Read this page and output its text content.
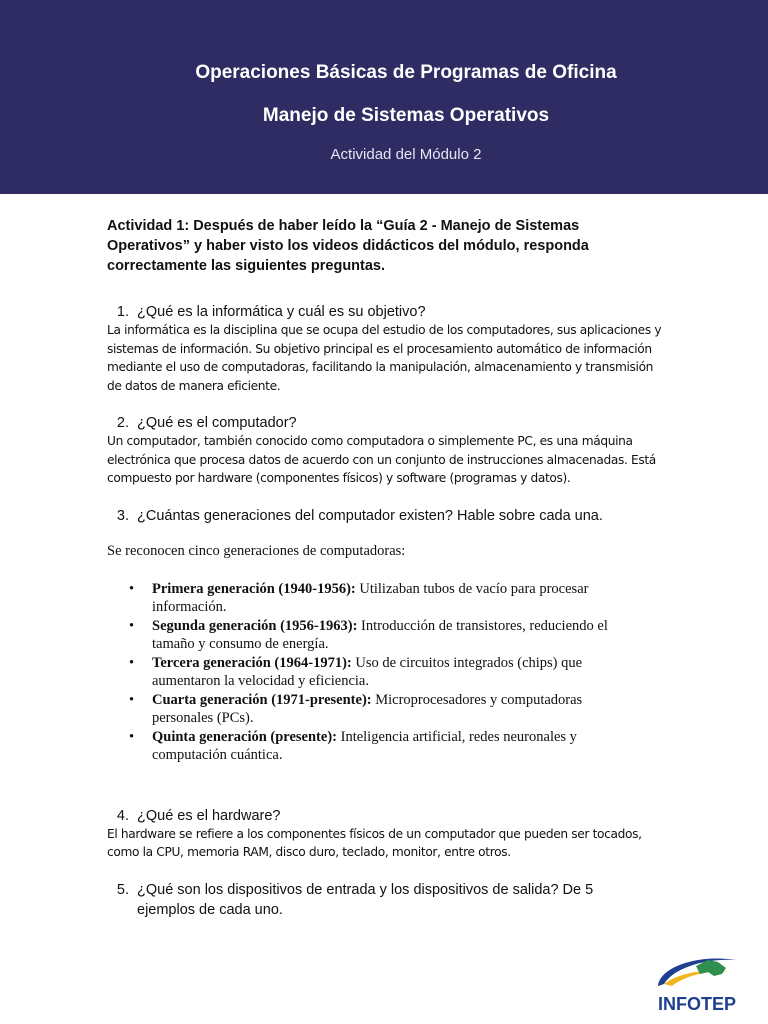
Operaciones Básicas de Programas de Oficina
Manejo de Sistemas Operativos
Actividad del Módulo 2

Actividad 1: Después de haber leído la “Guía 2 - Manejo de Sistemas Operativos” y haber visto los videos didácticos del módulo, responda correctamente las siguientes preguntas.

1. ¿Qué es la informática y cuál es su objetivo?

La informática es la disciplina que se ocupa del estudio de los computadores, sus aplicaciones y sistemas de información. Su objetivo principal es el procesamiento automático de información mediante el uso de computadoras, facilitando la manipulación, almacenamiento y transmisión de datos de manera eficiente.

2. ¿Qué es el computador?

Un computador, también conocido como computadora o simplemente PC, es una máquina electrónica que procesa datos de acuerdo con un conjunto de instrucciones almacenadas. Está compuesto por hardware (componentes físicos) y software (programas y datos).

3. ¿Cuántas generaciones del computador existen? Hable sobre cada una.

Se reconocen cinco generaciones de computadoras:

• Primera generación (1940-1956): Utilizaban tubos de vacío para procesar información.
• Segunda generación (1956-1963): Introducción de transistores, reduciendo el tamaño y consumo de energía.
• Tercera generación (1964-1971): Uso de circuitos integrados (chips) que aumentaron la velocidad y eficiencia.
• Cuarta generación (1971-presente): Microprocesadores y computadoras personales (PCs).
• Quinta generación (presente): Inteligencia artificial, redes neuronales y computación cuántica.
4. ¿Qué es el hardware?

El hardware se refiere a los componentes físicos de un computador que pueden ser tocados, como la CPU, memoria RAM, disco duro, teclado, monitor, entre otros.

5. ¿Qué son los dispositivos de entrada y los dispositivos de salida? De 5 ejemplos de cada uno.
INFOTEP
